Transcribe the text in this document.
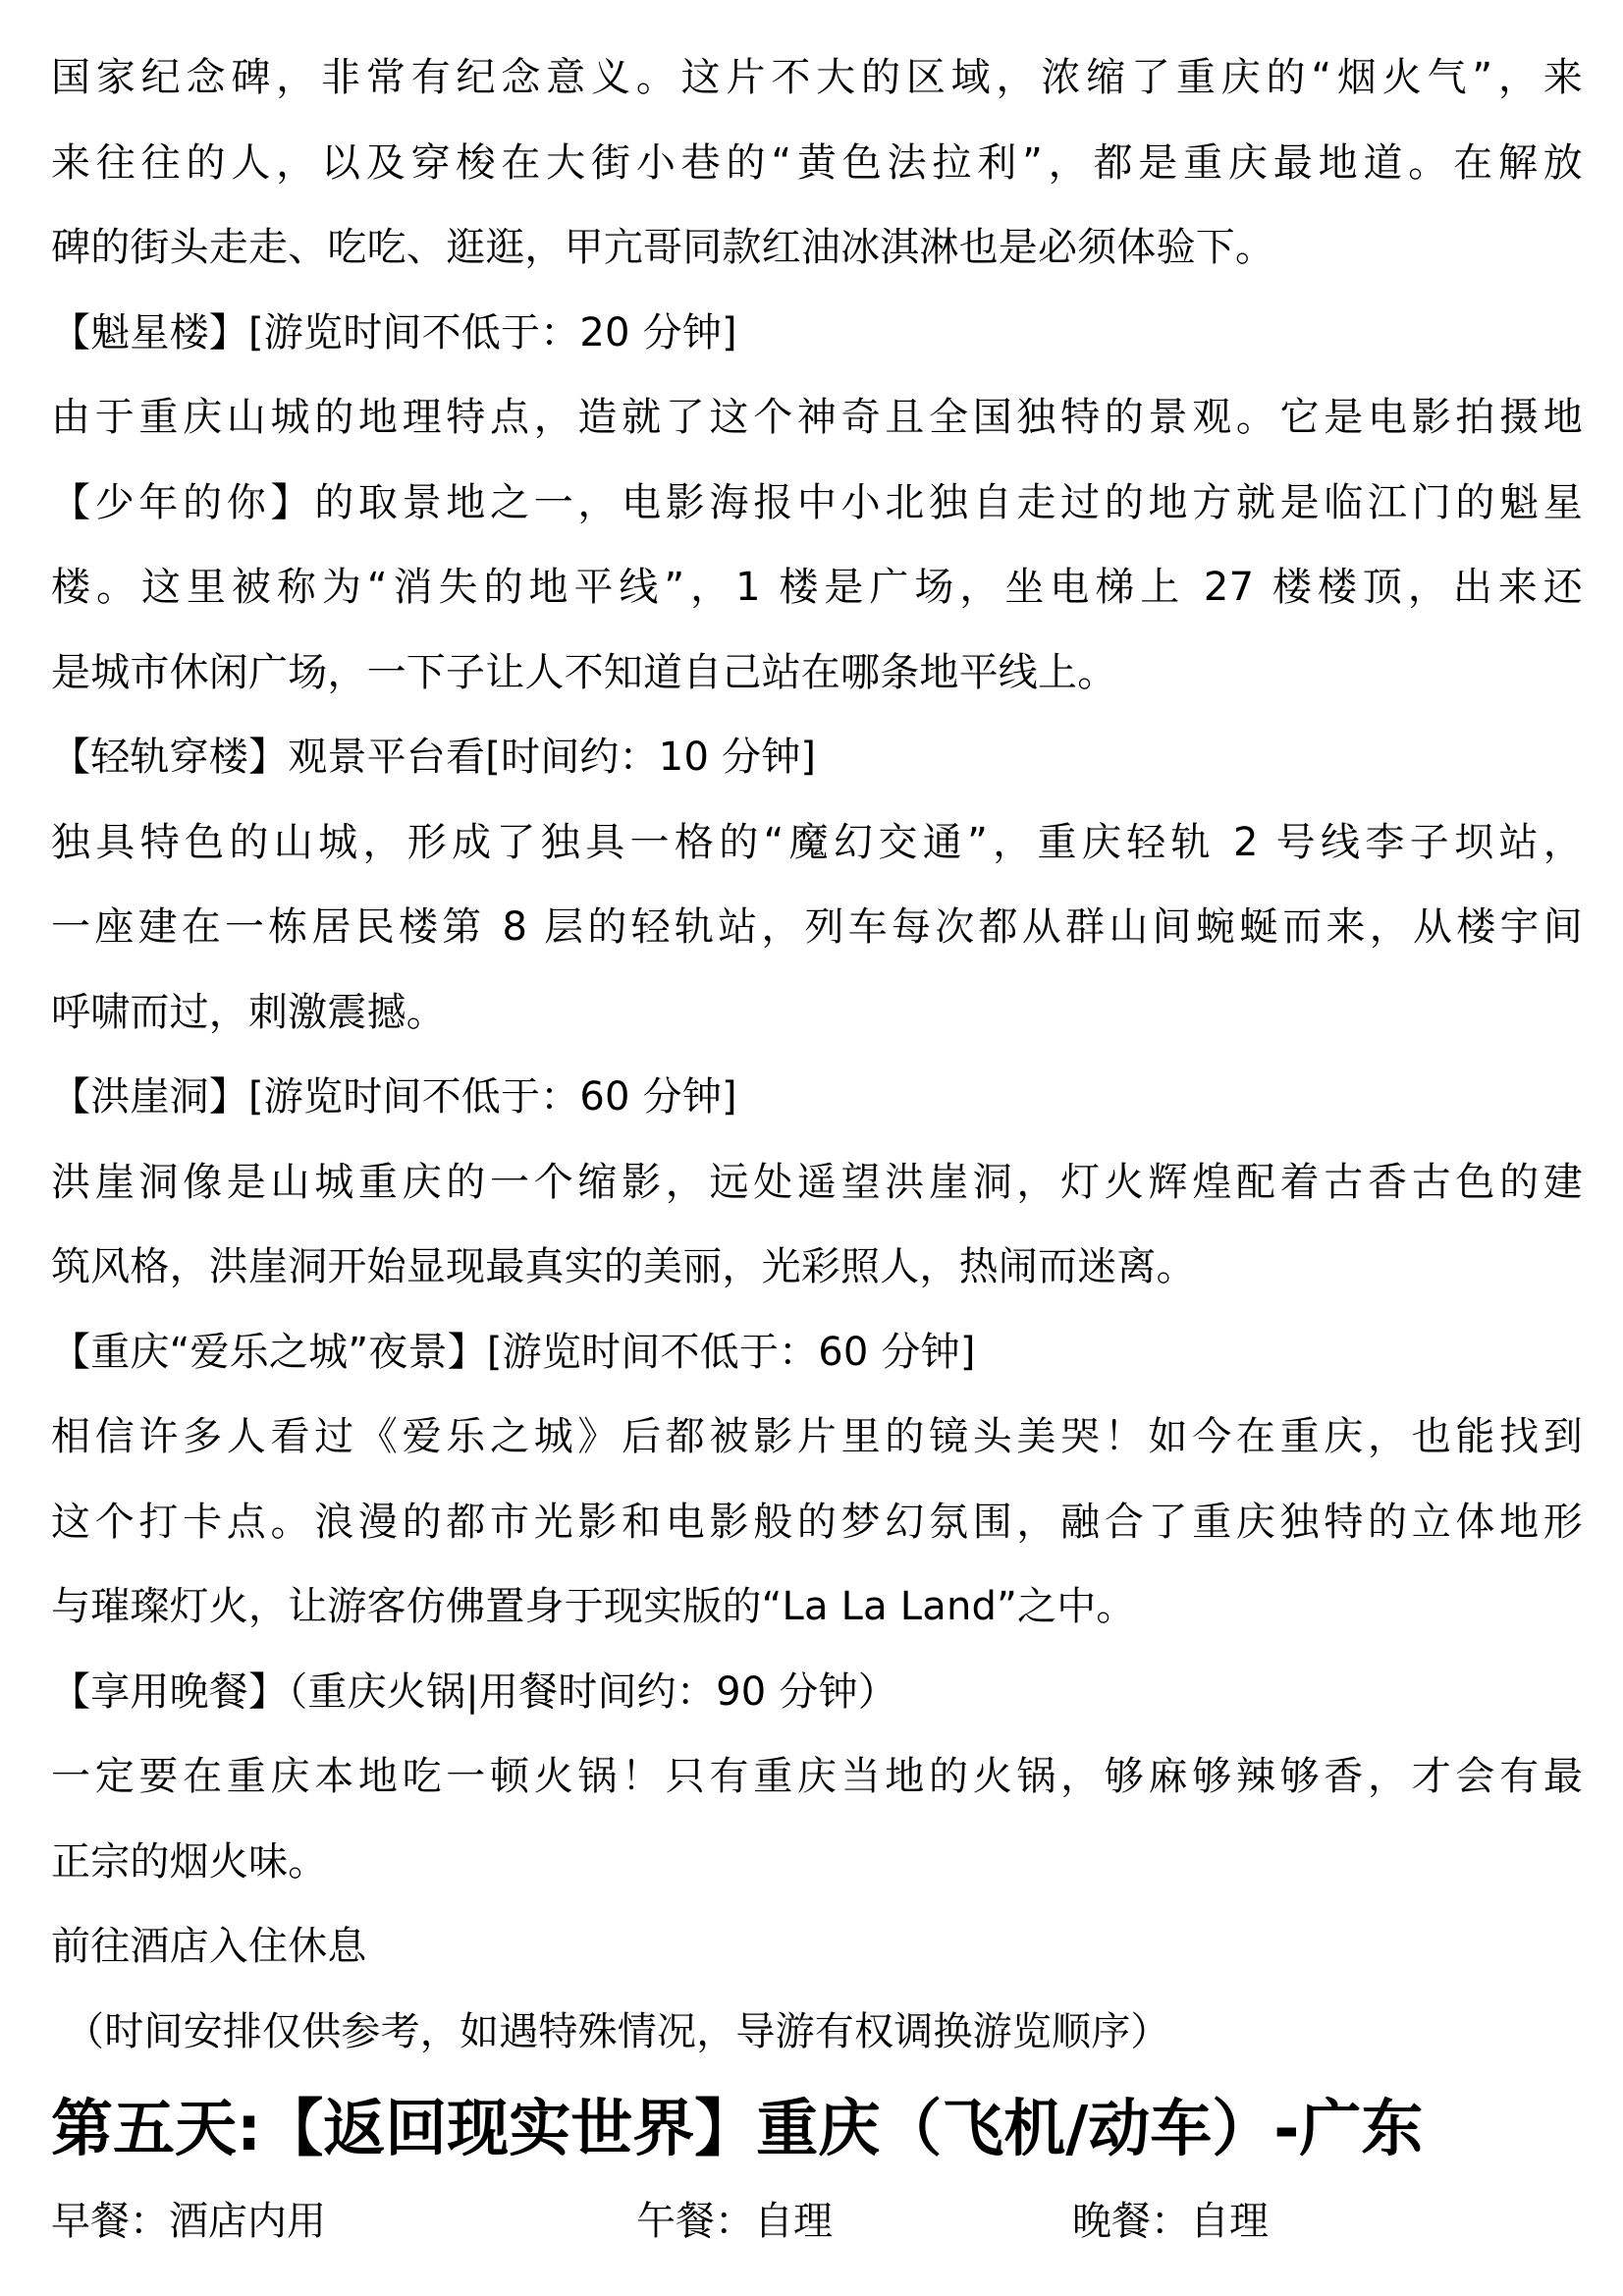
国家纪念碑，非常有纪念意义。这片不大的区域，浓缩了重庆的“烟火气”，来
来往往的人，以及穿梭在大街小巷的“黄色法拉利”，都是重庆最地道。在解放
碑的街头走走、吃吃、逛逛，甲亢哥同款红油冰淇淋也是必须体验下。
【魁星楼】[游览时间不低于：20 分钟]
由于重庆山城的地理特点，造就了这个神奇且全国独特的景观。它是电影拍摄地
【少年的你】的取景地之一，电影海报中小北独自走过的地方就是临江门的魁星
楼。这里被称为“消失的地平线”，1 楼是广场，坐电梯上 27 楼楼顶，出来还
是城市休闲广场，一下子让人不知道自己站在哪条地平线上。
【轻轨穿楼】观景平台看[时间约：10 分钟]
独具特色的山城，形成了独具一格的“魔幻交通”，重庆轻轨 2 号线李子坝站，
一座建在一栋居民楼第 8 层的轻轨站，列车每次都从群山间蜿蜒而来，从楼宇间
呼啸而过，刺激震撼。
【洪崖洞】[游览时间不低于：60 分钟]
洪崖洞像是山城重庆的一个缩影，远处遥望洪崖洞，灯火辉煌配着古香古色的建
筑风格，洪崖洞开始显现最真实的美丽，光彩照人，热闹而迷离。
【重庆“爱乐之城”夜景】[游览时间不低于：60 分钟]
相信许多人看过《爱乐之城》后都被影片里的镜头美哭！如今在重庆，也能找到
这个打卡点。浪漫的都市光影和电影般的梦幻氛围，融合了重庆独特的立体地形
与璀璨灯火，让游客仿佛置身于现实版的“La La Land”之中。
【享用晚餐】（重庆火锅|用餐时间约：90 分钟）
一定要在重庆本地吃一顿火锅！只有重庆当地的火锅，够麻够辣够香，才会有最
正宗的烟火味。
前往酒店入住休息
（时间安排仅供参考，如遇特殊情况，导游有权调换游览顺序）
第五天:【返回现实世界】重庆（飞机/动车）-广东
早餐：酒店内用	午餐：自理	晚餐：自理
